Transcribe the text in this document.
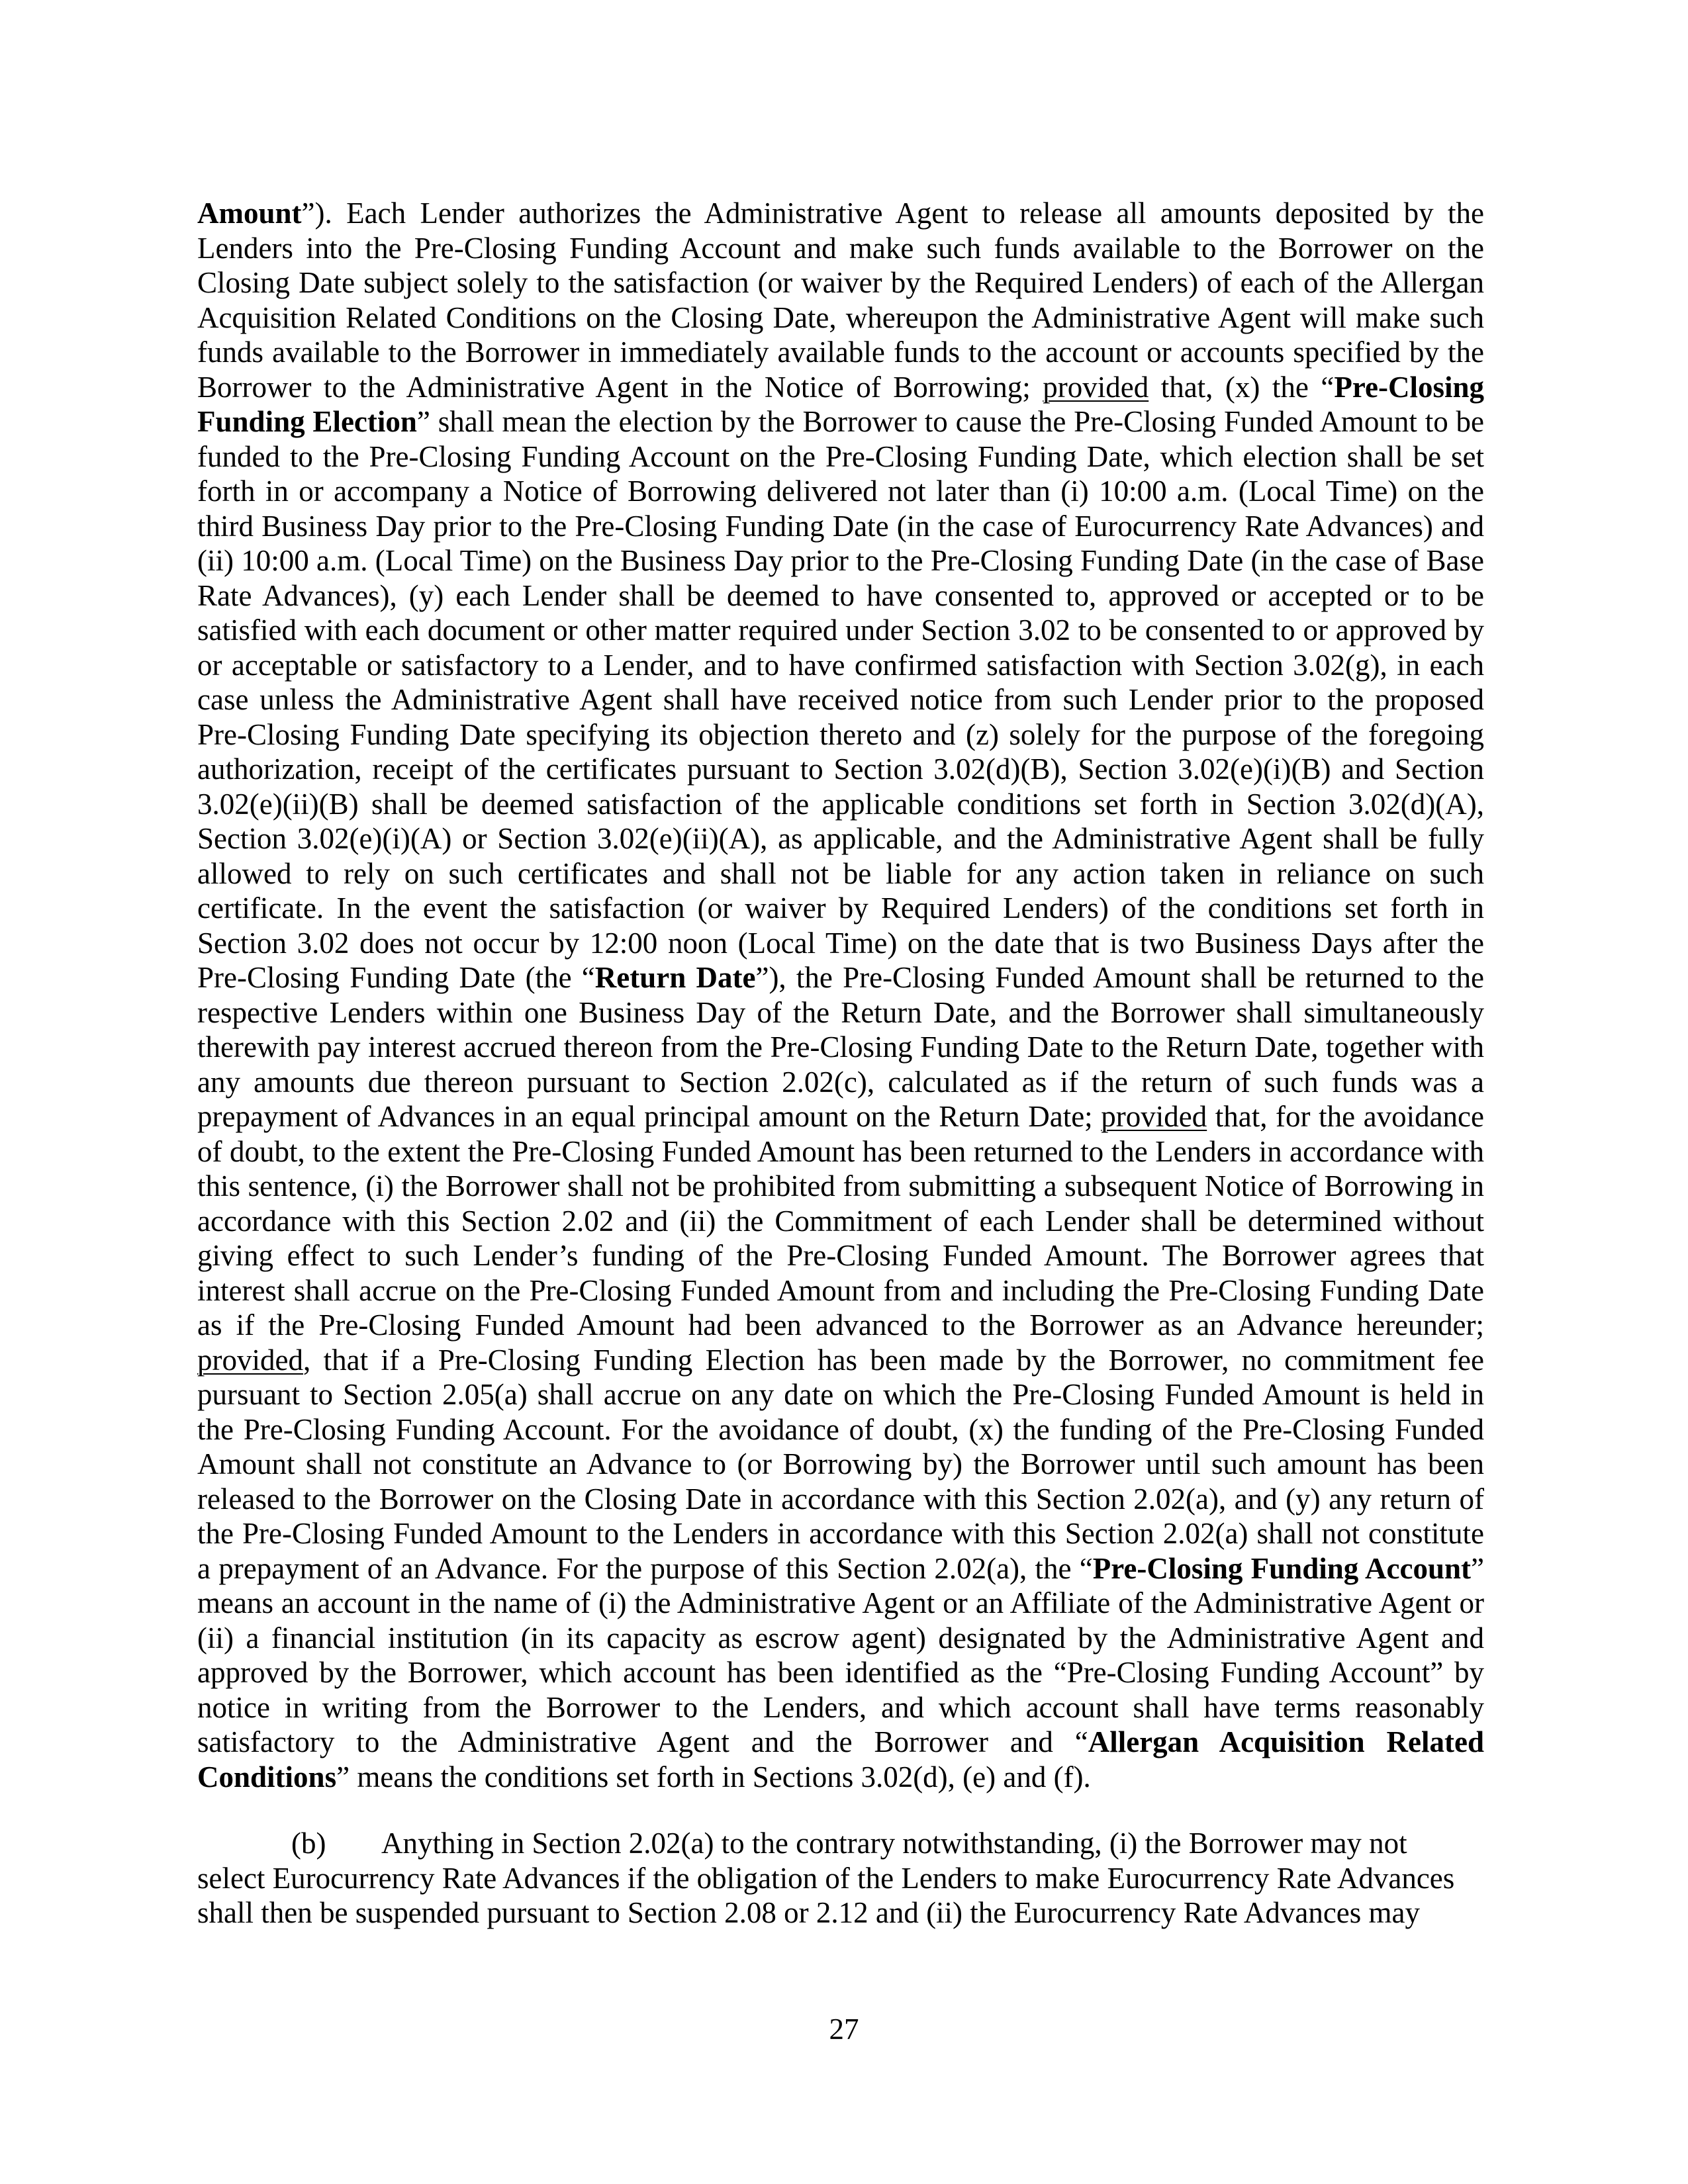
Amount”). Each Lender authorizes the Administrative Agent to release all amounts deposited by the Lenders into the Pre-Closing Funding Account and make such funds available to the Borrower on the Closing Date subject solely to the satisfaction (or waiver by the Required Lenders) of each of the Allergan Acquisition Related Conditions on the Closing Date, whereupon the Administrative Agent will make such funds available to the Borrower in immediately available funds to the account or accounts specified by the Borrower to the Administrative Agent in the Notice of Borrowing; provided that, (x) the “Pre-Closing Funding Election” shall mean the election by the Borrower to cause the Pre-Closing Funded Amount to be funded to the Pre-Closing Funding Account on the Pre-Closing Funding Date, which election shall be set forth in or accompany a Notice of Borrowing delivered not later than (i) 10:00 a.m. (Local Time) on the third Business Day prior to the Pre-Closing Funding Date (in the case of Eurocurrency Rate Advances) and (ii) 10:00 a.m. (Local Time) on the Business Day prior to the Pre-Closing Funding Date (in the case of Base Rate Advances), (y) each Lender shall be deemed to have consented to, approved or accepted or to be satisfied with each document or other matter required under Section 3.02 to be consented to or approved by or acceptable or satisfactory to a Lender, and to have confirmed satisfaction with Section 3.02(g), in each case unless the Administrative Agent shall have received notice from such Lender prior to the proposed Pre-Closing Funding Date specifying its objection thereto and (z) solely for the purpose of the foregoing authorization, receipt of the certificates pursuant to Section 3.02(d)(B), Section 3.02(e)(i)(B) and Section 3.02(e)(ii)(B) shall be deemed satisfaction of the applicable conditions set forth in Section 3.02(d)(A), Section 3.02(e)(i)(A) or Section 3.02(e)(ii)(A), as applicable, and the Administrative Agent shall be fully allowed to rely on such certificates and shall not be liable for any action taken in reliance on such certificate. In the event the satisfaction (or waiver by Required Lenders) of the conditions set forth in Section 3.02 does not occur by 12:00 noon (Local Time) on the date that is two Business Days after the Pre-Closing Funding Date (the “Return Date”), the Pre-Closing Funded Amount shall be returned to the respective Lenders within one Business Day of the Return Date, and the Borrower shall simultaneously therewith pay interest accrued thereon from the Pre-Closing Funding Date to the Return Date, together with any amounts due thereon pursuant to Section 2.02(c), calculated as if the return of such funds was a prepayment of Advances in an equal principal amount on the Return Date; provided that, for the avoidance of doubt, to the extent the Pre-Closing Funded Amount has been returned to the Lenders in accordance with this sentence, (i) the Borrower shall not be prohibited from submitting a subsequent Notice of Borrowing in accordance with this Section 2.02 and (ii) the Commitment of each Lender shall be determined without giving effect to such Lender’s funding of the Pre-Closing Funded Amount. The Borrower agrees that interest shall accrue on the Pre-Closing Funded Amount from and including the Pre-Closing Funding Date as if the Pre-Closing Funded Amount had been advanced to the Borrower as an Advance hereunder; provided, that if a Pre-Closing Funding Election has been made by the Borrower, no commitment fee pursuant to Section 2.05(a) shall accrue on any date on which the Pre-Closing Funded Amount is held in the Pre-Closing Funding Account. For the avoidance of doubt, (x) the funding of the Pre-Closing Funded Amount shall not constitute an Advance to (or Borrowing by) the Borrower until such amount has been released to the Borrower on the Closing Date in accordance with this Section 2.02(a), and (y) any return of the Pre-Closing Funded Amount to the Lenders in accordance with this Section 2.02(a) shall not constitute a prepayment of an Advance. For the purpose of this Section 2.02(a), the “Pre-Closing Funding Account” means an account in the name of (i) the Administrative Agent or an Affiliate of the Administrative Agent or (ii) a financial institution (in its capacity as escrow agent) designated by the Administrative Agent and approved by the Borrower, which account has been identified as the “Pre-Closing Funding Account” by notice in writing from the Borrower to the Lenders, and which account shall have terms reasonably satisfactory to the Administrative Agent and the Borrower and “Allergan Acquisition Related Conditions” means the conditions set forth in Sections 3.02(d), (e) and (f).

(b) Anything in Section 2.02(a) to the contrary notwithstanding, (i) the Borrower may not
select Eurocurrency Rate Advances if the obligation of the Lenders to make Eurocurrency Rate Advances
shall then be suspended pursuant to Section 2.08 or 2.12 and (ii) the Eurocurrency Rate Advances may

27
